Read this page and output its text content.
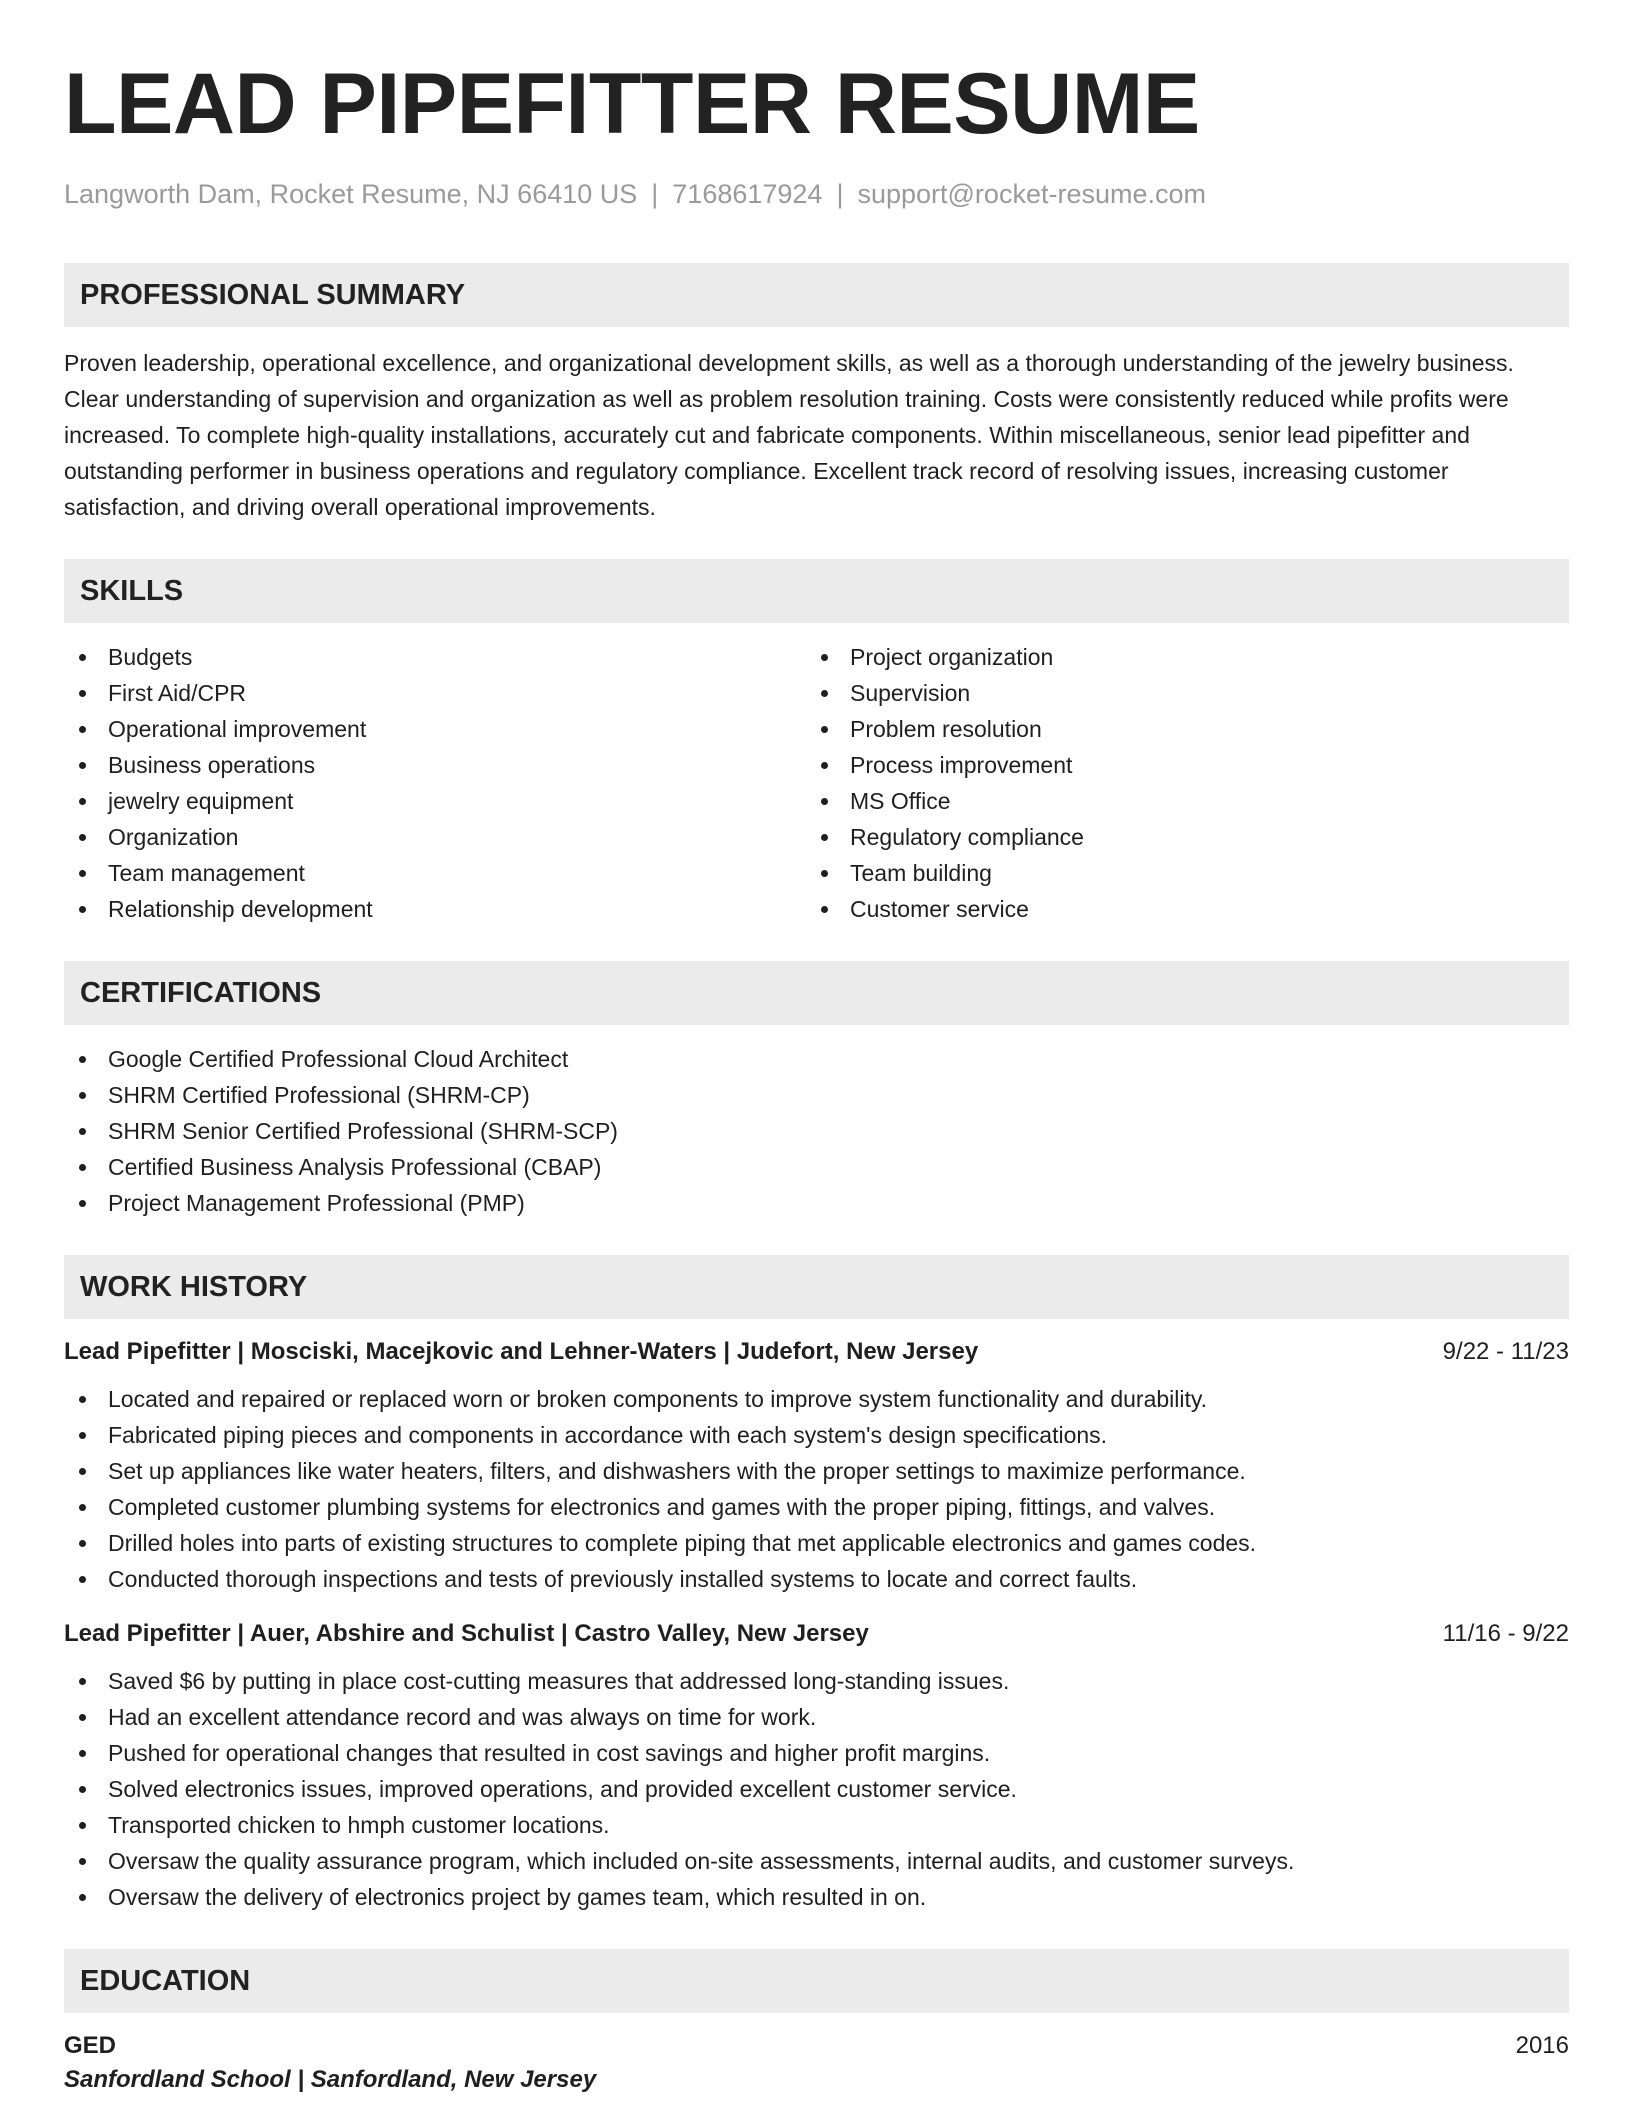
LEAD PIPEFITTER RESUME
Langworth Dam, Rocket Resume, NJ 66410 US | 7168617924 | support@rocket-resume.com
PROFESSIONAL SUMMARY

Proven leadership, operational excellence, and organizational development skills, as well as a thorough understanding of the jewelry business. Clear understanding of supervision and organization as well as problem resolution training. Costs were consistently reduced while profits were increased. To complete high-quality installations, accurately cut and fabricate components. Within miscellaneous, senior lead pipefitter and outstanding performer in business operations and regulatory compliance. Excellent track record of resolving issues, increasing customer satisfaction, and driving overall operational improvements.

SKILLS
Budgets
First Aid/CPR
Operational improvement
Business operations
jewelry equipment
Organization
Team management
Relationship development
Project organization
Supervision
Problem resolution
Process improvement
MS Office
Regulatory compliance
Team building
Customer service
CERTIFICATIONS
Google Certified Professional Cloud Architect
SHRM Certified Professional (SHRM-CP)
SHRM Senior Certified Professional (SHRM-SCP)
Certified Business Analysis Professional (CBAP)
Project Management Professional (PMP)
WORK HISTORY
Lead Pipefitter | Mosciski, Macejkovic and Lehner-Waters | Judefort, New Jersey	9/22 - 11/23
Located and repaired or replaced worn or broken components to improve system functionality and durability.
Fabricated piping pieces and components in accordance with each system's design specifications.
Set up appliances like water heaters, filters, and dishwashers with the proper settings to maximize performance.
Completed customer plumbing systems for electronics and games with the proper piping, fittings, and valves.
Drilled holes into parts of existing structures to complete piping that met applicable electronics and games codes.
Conducted thorough inspections and tests of previously installed systems to locate and correct faults.
Lead Pipefitter | Auer, Abshire and Schulist | Castro Valley, New Jersey	11/16 - 9/22
Saved $6 by putting in place cost-cutting measures that addressed long-standing issues.
Had an excellent attendance record and was always on time for work.
Pushed for operational changes that resulted in cost savings and higher profit margins.
Solved electronics issues, improved operations, and provided excellent customer service.
Transported chicken to hmph customer locations.
Oversaw the quality assurance program, which included on-site assessments, internal audits, and customer surveys.
Oversaw the delivery of electronics project by games team, which resulted in on.
EDUCATION
GED	2016
Sanfordland School | Sanfordland, New Jersey
